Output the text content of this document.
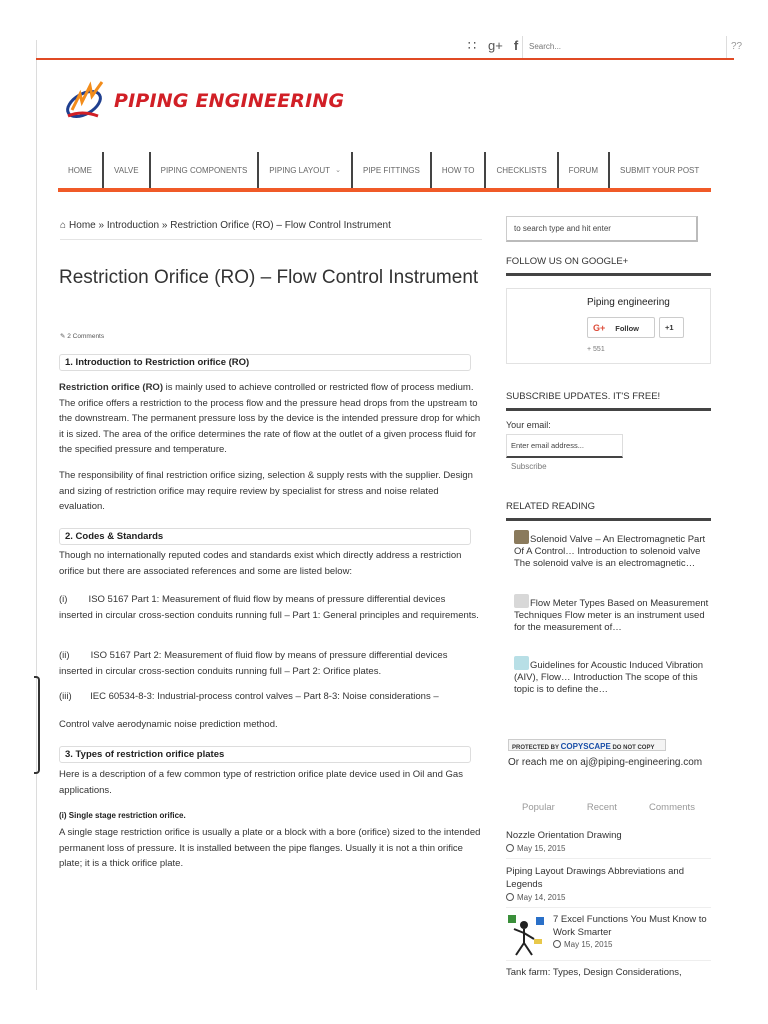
∷ g+ f	Search...	??
PIPING ENGINEERING
HOME	VALVE	PIPING COMPONENTS	PIPING LAYOUT ⌄	PIPE FITTINGS	HOW TO	CHECKLISTS	FORUM	SUBMIT YOUR POST
⌂ Home » Introduction » Restriction Orifice (RO) – Flow Control Instrument
Restriction Orifice (RO) – Flow Control Instrument
✎ 2 Comments
1. Introduction to Restriction orifice (RO)

Restriction orifice (RO) is mainly used to achieve controlled or restricted flow of process medium. The orifice offers a restriction to the process flow and the pressure head drops from the upstream to the downstream. The permanent pressure loss by the device is the intended pressure drop for which it is sized. The area of the orifice determines the rate of flow at the outlet of a given process fluid for the specified pressure and temperature.

The responsibility of final restriction orifice sizing, selection & supply rests with the supplier. Design and sizing of restriction orifice may require review by specialist for stress and noise related evaluation.

2. Codes & Standards

Though no internationally reputed codes and standards exist which directly address a restriction orifice but there are associated references and some are listed below:

(i)        ISO 5167 Part 1: Measurement of fluid flow by means of pressure differential devices inserted in circular cross-section conduits running full – Part 1: General principles and requirements.

(ii)        ISO 5167 Part 2: Measurement of fluid flow by means of pressure differential devices inserted in circular cross-section conduits running full – Part 2: Orifice plates.

(iii)       IEC 60534-8-3: Industrial-process control valves – Part 8-3: Noise considerations –

Control valve aerodynamic noise prediction method.

3. Types of restriction orifice plates

Here is a description of a few common type of restriction orifice plate device used in Oil and Gas applications.

(i) Single stage restriction orifice.

A single stage restriction orifice is usually a plate or a block with a bore (orifice) sized to the intended permanent loss of pressure. It is installed between the pipe flanges. Usually it is not a thin orifice plate; it is a thick orifice plate.

to search type and hit enter
FOLLOW US ON GOOGLE+
Piping engineering
G+ Follow	+1
+ 551
SUBSCRIBE UPDATES. IT'S FREE!
Your email:
Enter email address...
Subscribe
RELATED READING
Solenoid Valve – An Electromagnetic Part Of A Control… Introduction to solenoid valve The solenoid valve is an electromagnetic…
Flow Meter Types Based on Measurement Techniques Flow meter is an instrument used for the measurement of…
Guidelines for Acoustic Induced Vibration (AIV), Flow… Introduction The scope of this topic is to define the…
PROTECTED BY COPYSCAPE DO NOT COPY
Or reach me on aj@piping-engineering.com
Popular	Recent	Comments
Nozzle Orientation Drawing
May 15, 2015
Piping Layout Drawings Abbreviations and Legends
May 14, 2015
7 Excel Functions You Must Know to Work Smarter
May 15, 2015
Tank farm: Types, Design Considerations,
